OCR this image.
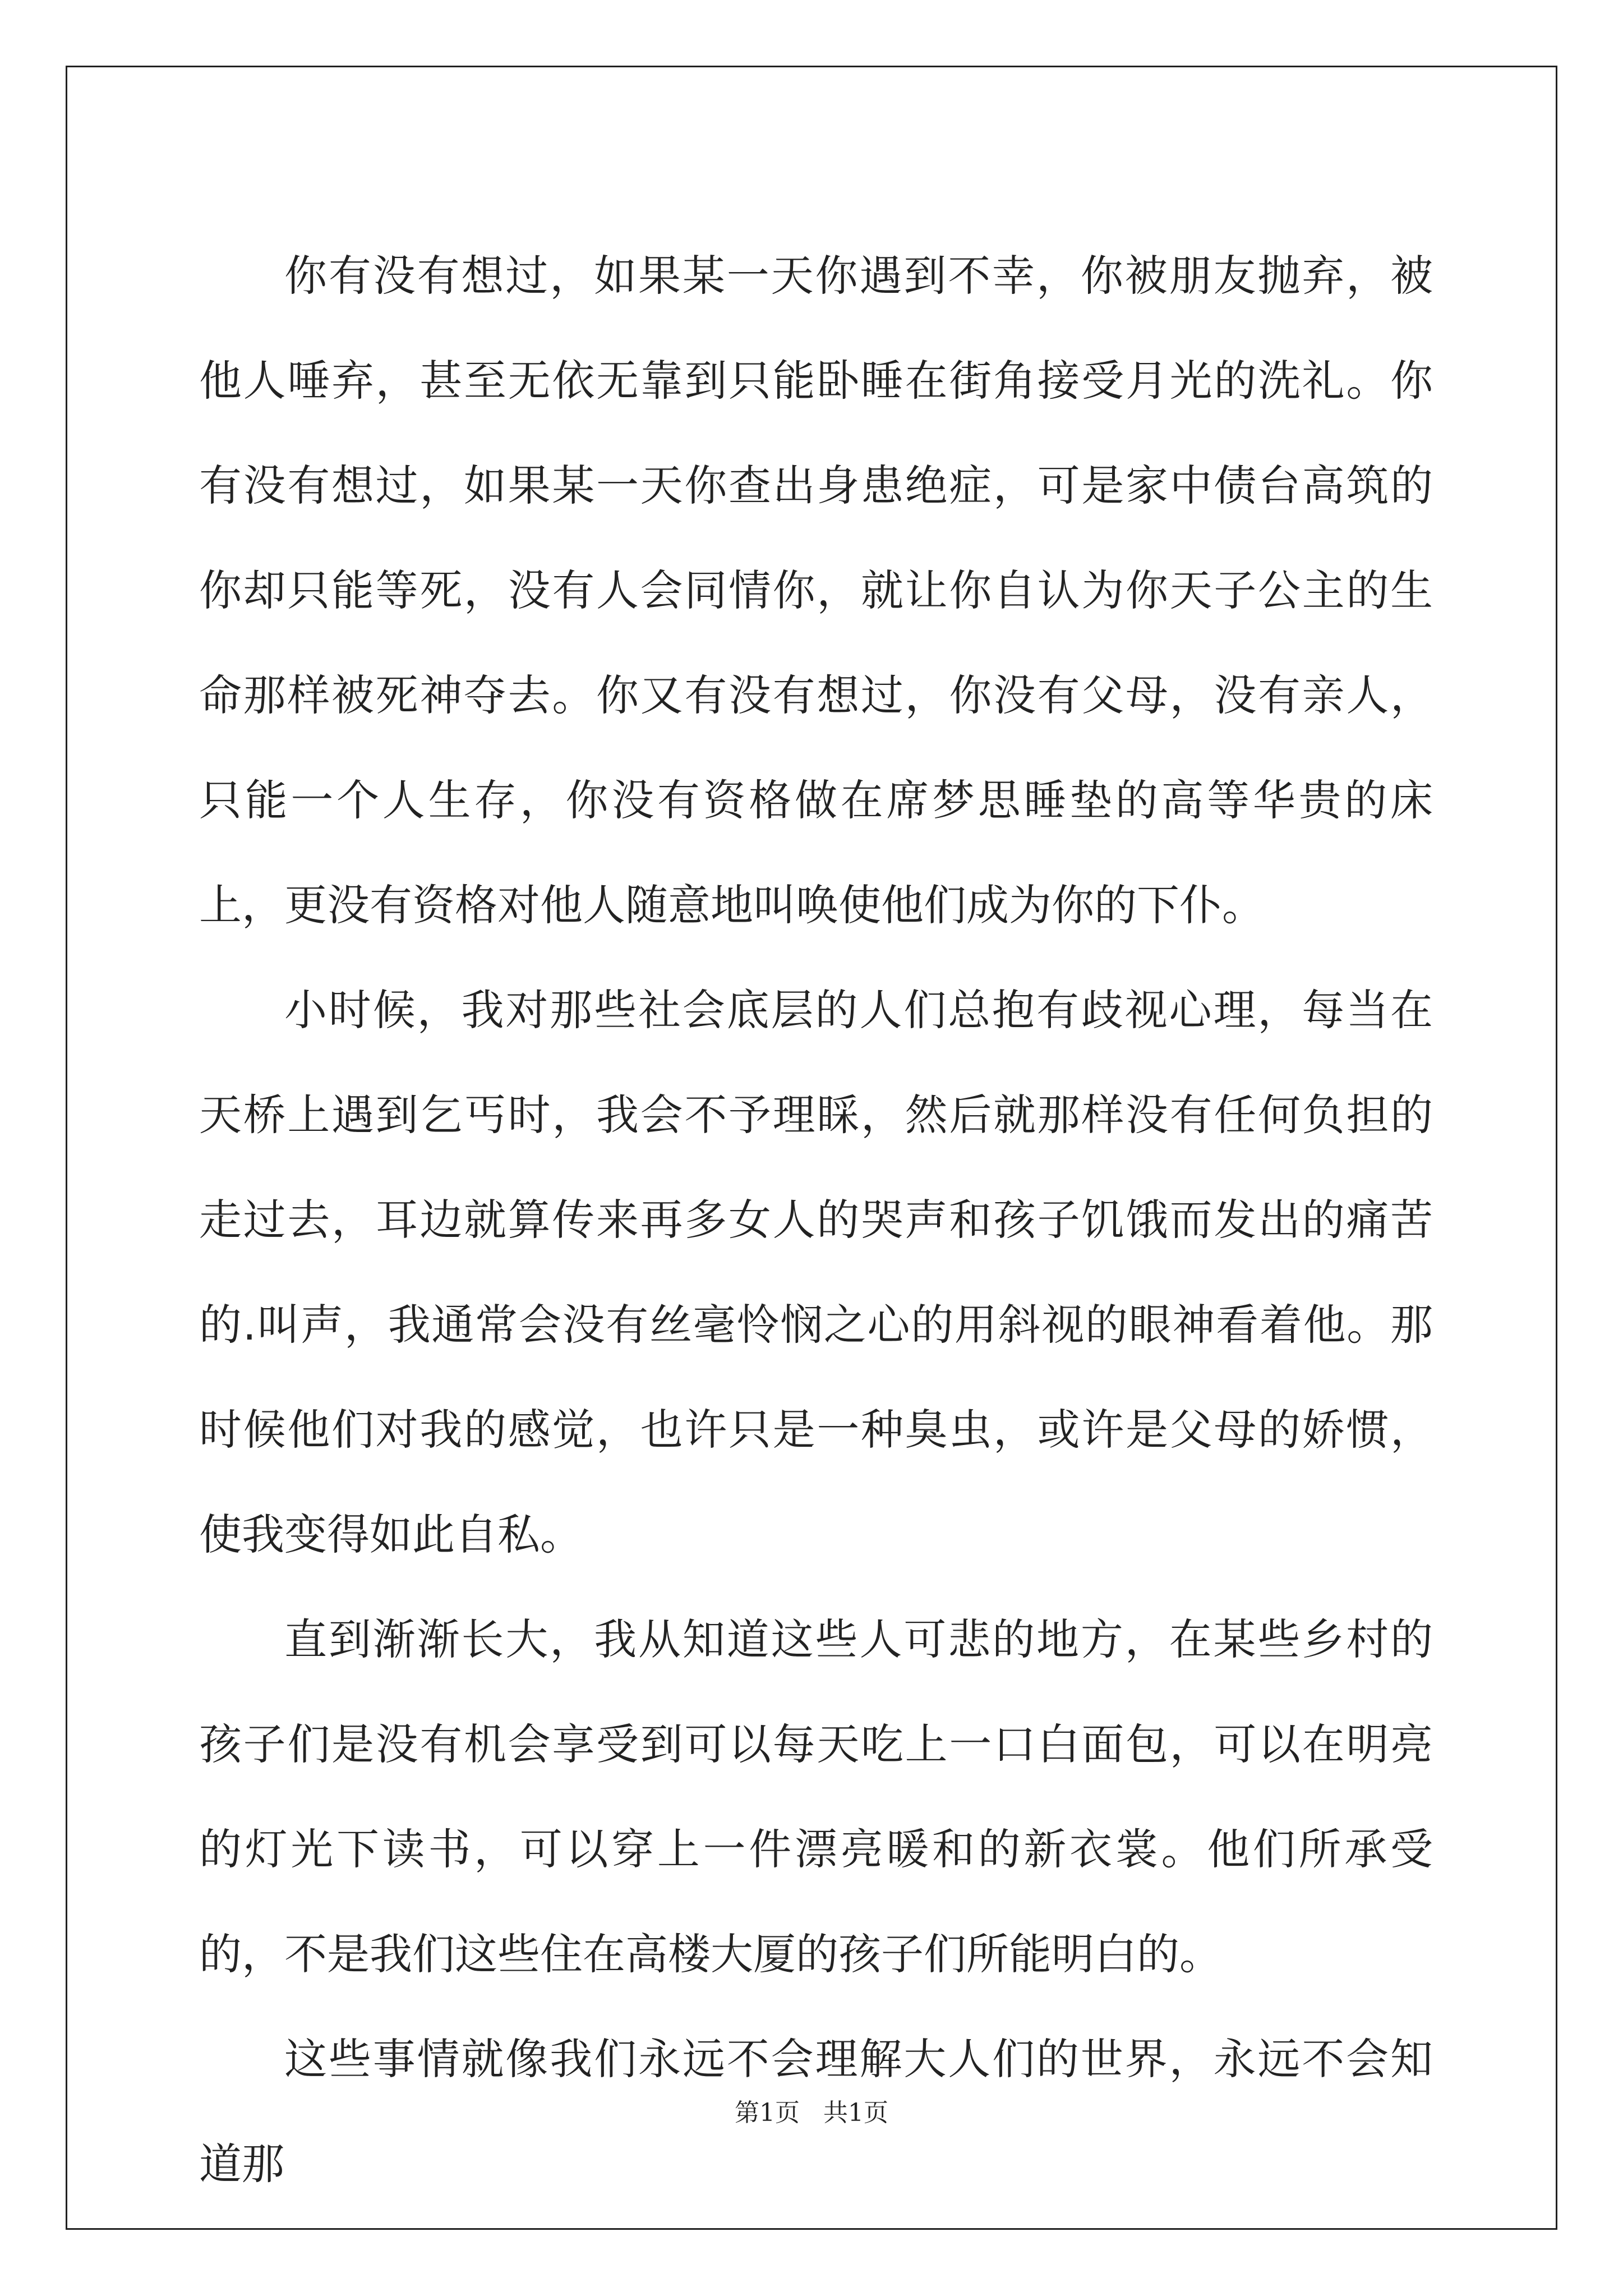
你有没有想过，如果某一天你遇到不幸，你被朋友抛弃，被他人唾弃，甚至无依无靠到只能卧睡在街角接受月光的洗礼。你有没有想过，如果某一天你查出身患绝症，可是家中债台高筑的你却只能等死，没有人会同情你，就让你自认为你天子公主的生命那样被死神夺去。你又有没有想过，你没有父母，没有亲人，只能一个人生存，你没有资格做在席梦思睡垫的高等华贵的床上，更没有资格对他人随意地叫唤使他们成为你的下仆。

小时候，我对那些社会底层的人们总抱有歧视心理，每当在天桥上遇到乞丐时，我会不予理睬，然后就那样没有任何负担的走过去，耳边就算传来再多女人的哭声和孩子饥饿而发出的痛苦的.叫声，我通常会没有丝毫怜悯之心的用斜视的眼神看着他。那时候他们对我的感觉，也许只是一种臭虫，或许是父母的娇惯，使我变得如此自私。

直到渐渐长大，我从知道这些人可悲的地方，在某些乡村的孩子们是没有机会享受到可以每天吃上一口白面包，可以在明亮的灯光下读书，可以穿上一件漂亮暖和的新衣裳。他们所承受的，不是我们这些住在高楼大厦的孩子们所能明白的。

这些事情就像我们永远不会理解大人们的世界，永远不会知道那

第1页   共1页
